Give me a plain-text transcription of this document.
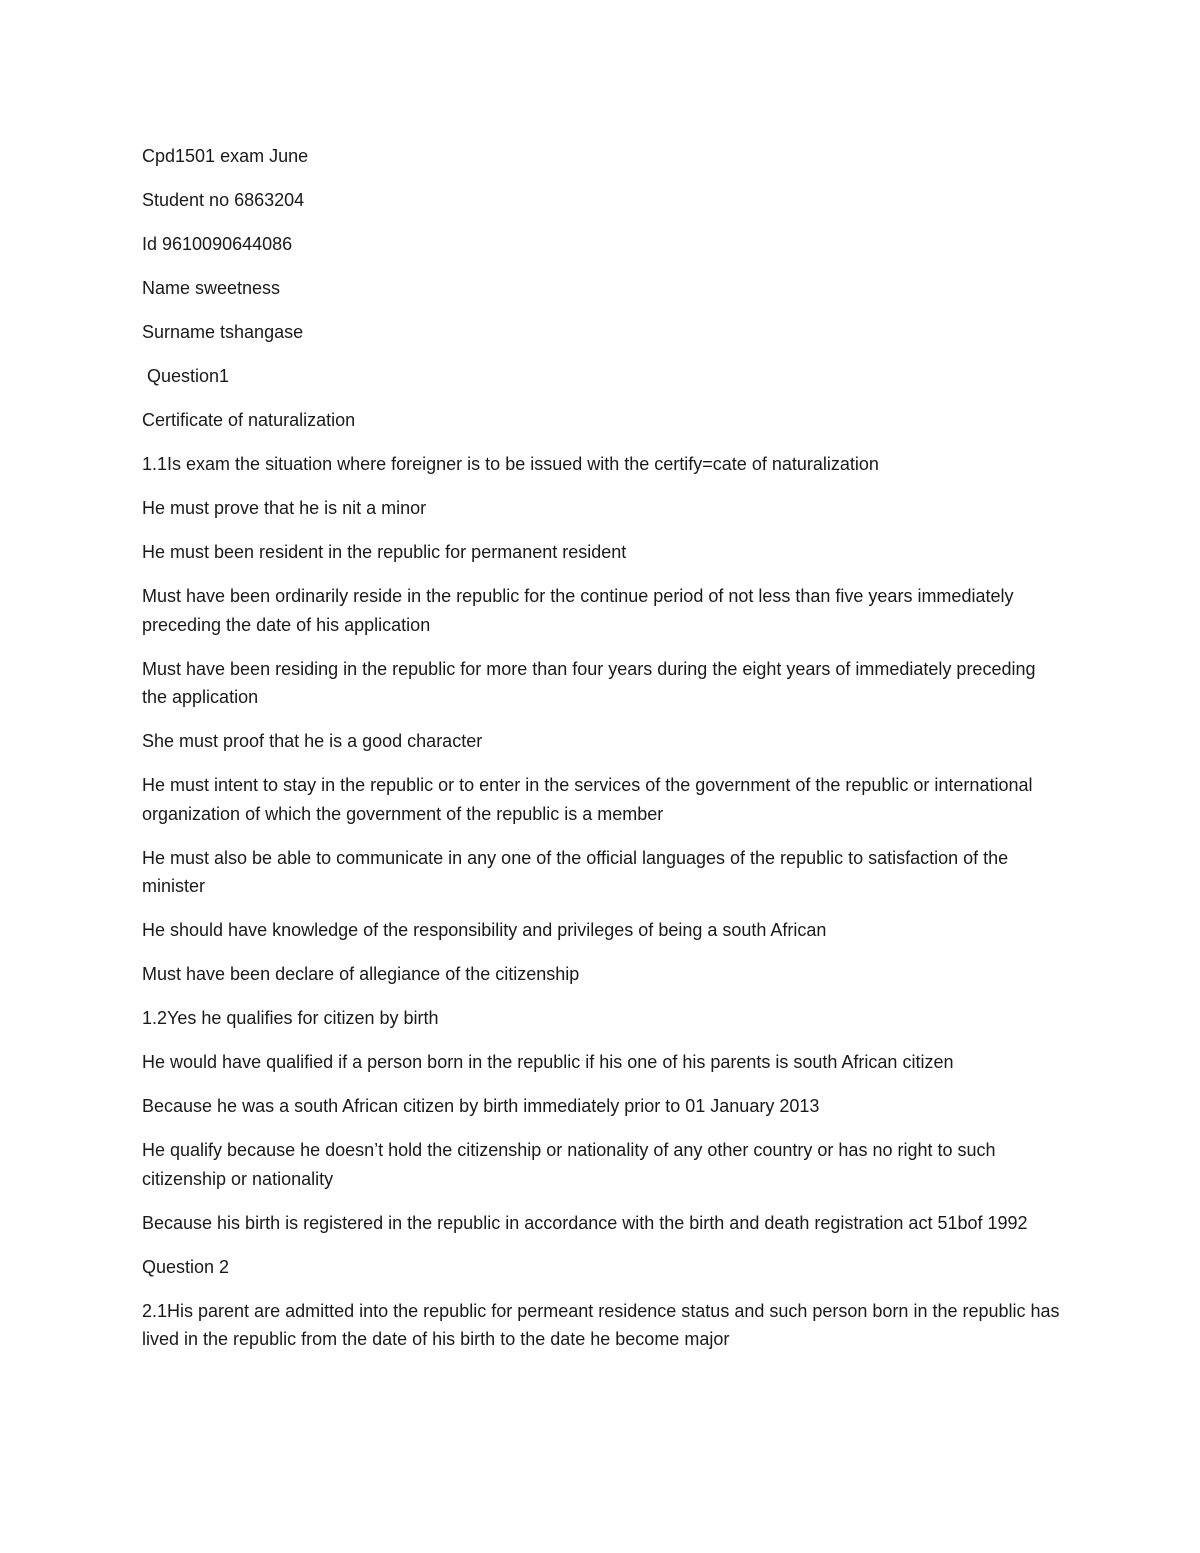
Cpd1501 exam June

Student no 6863204

Id 9610090644086

Name sweetness

Surname tshangase

Question1

Certificate of naturalization

1.1Is exam the situation where foreigner is to be issued with the certify=cate of naturalization

He must prove that he is nit a minor

He must been resident in the republic for permanent resident

Must have been ordinarily reside in the republic for the continue period of not less than five years immediately preceding the date of his application

Must have been residing in the republic for more than four years during the eight years of immediately preceding the application

She must proof that he is a good character

He must intent to stay in the republic or to enter in the services of the government of the republic or international organization of which the government of the republic is a member

He must also be able to communicate in any one of the official languages of the republic to satisfaction of the minister

He should have knowledge of the responsibility and privileges of being a south African

Must have been declare of allegiance of the citizenship

1.2Yes he qualifies for citizen by birth

He would have qualified if a person born in the republic if his one of his parents is south African citizen

Because he was a south African citizen by birth immediately prior to 01 January 2013

He qualify because he doesn’t hold the citizenship or nationality of any other country or has no right to such citizenship or nationality

Because his birth is registered in the republic in accordance with the birth and death registration act 51bof 1992

Question 2

2.1His parent are admitted into the republic for permeant residence status and such person born in the republic has lived in the republic from the date of his birth to the date he become major
